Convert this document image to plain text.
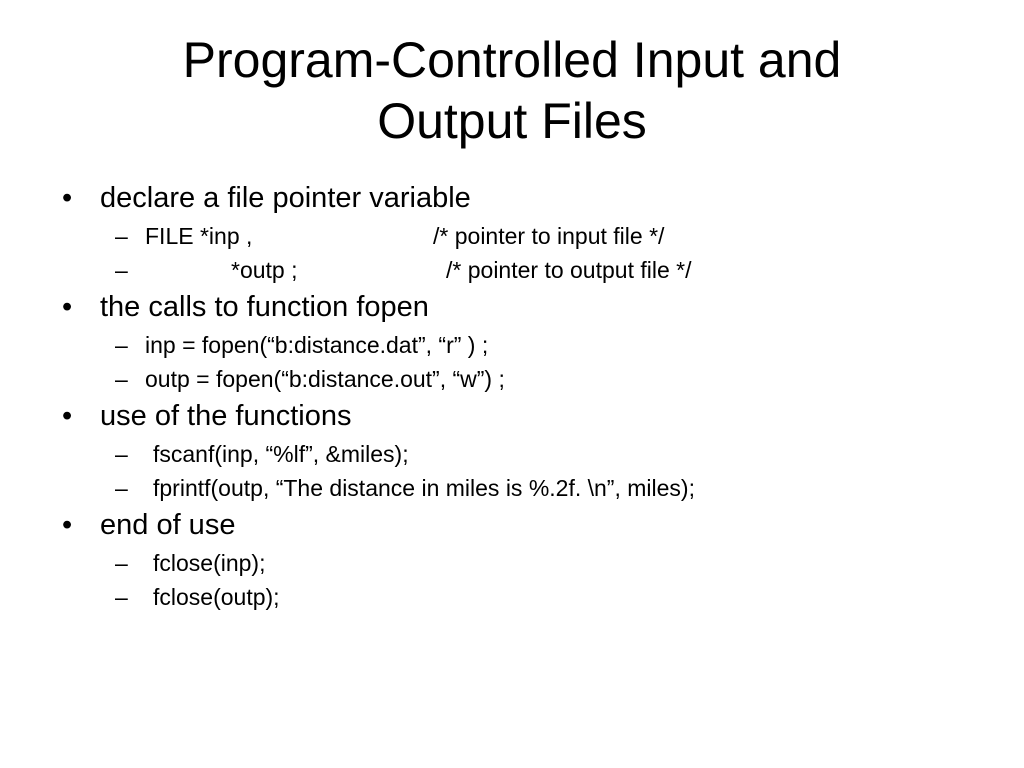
Program-Controlled Input and
Output Files
• declare a file pointer variable
– FILE *inp ,	/* pointer to input file */
–	*outp ;	/* pointer to output file */
• the calls to function fopen
– inp = fopen(“b:distance.dat”, “r” ) ;
– outp = fopen(“b:distance.out”, “w”) ;
• use of the functions
– fscanf(inp, “%lf”, &miles);
– fprintf(outp, “The distance in miles is %.2f. \n”, miles);
• end of use
– fclose(inp);
– fclose(outp);
